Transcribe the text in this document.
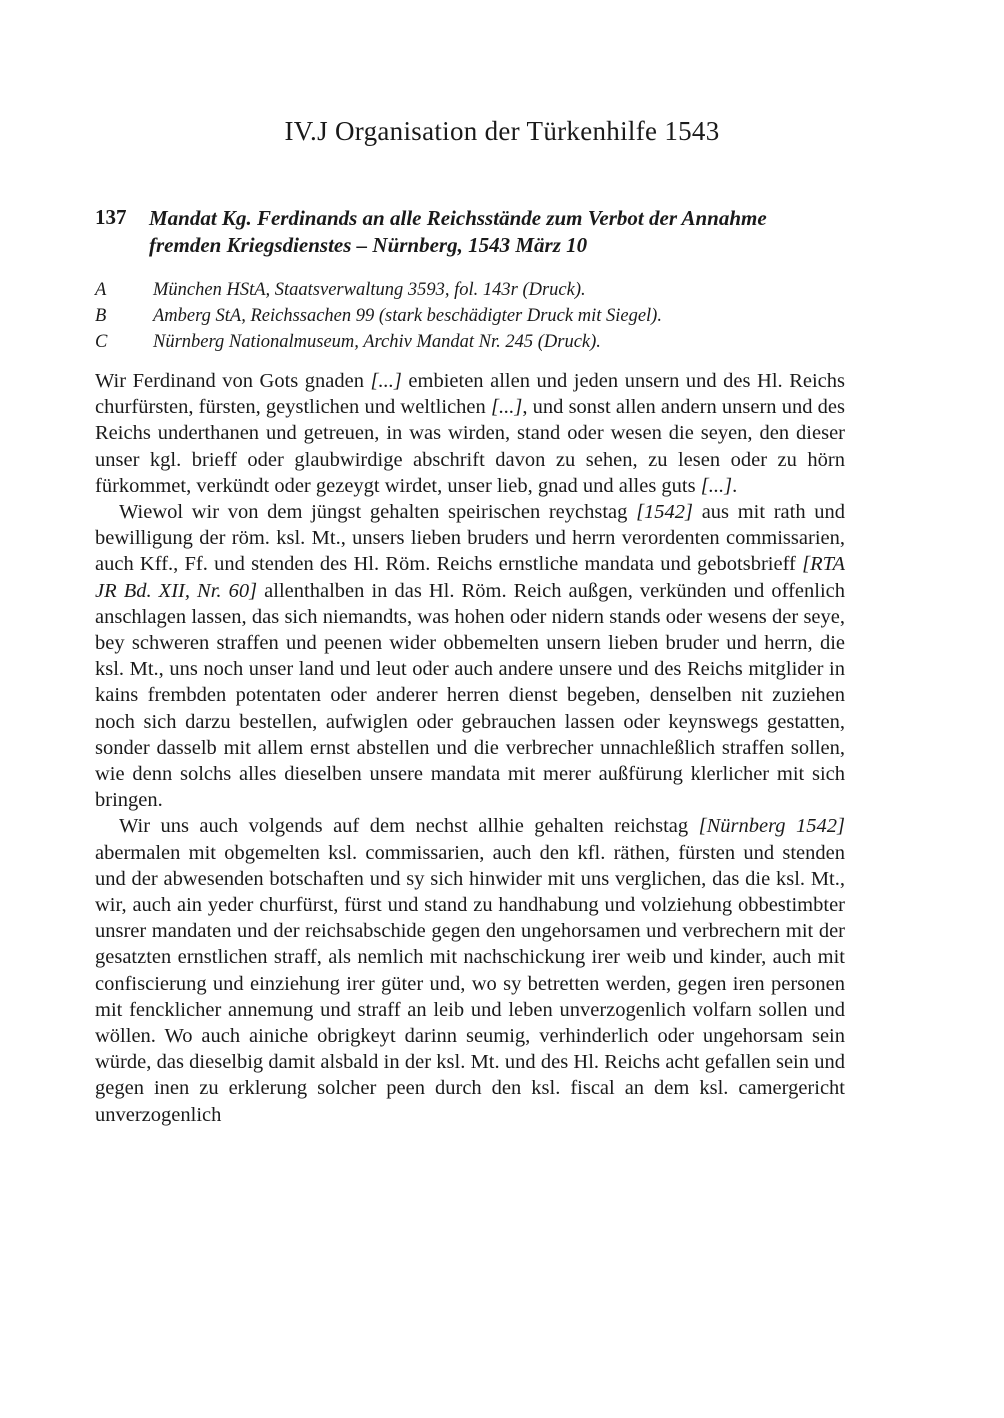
IV.J Organisation der Türkenhilfe 1543
137 Mandat Kg. Ferdinands an alle Reichsstände zum Verbot der Annahme
fremden Kriegsdienstes – Nürnberg, 1543 März 10
A	München HStA, Staatsverwaltung 3593, fol. 143r (Druck).
B	Amberg StA, Reichssachen 99 (stark beschädigter Druck mit Siegel).
C Nürnberg Nationalmuseum, Archiv Mandat Nr. 245 (Druck).

Wir Ferdinand von Gots gnaden [...] embieten allen und jeden unsern und des Hl. Reichs churfürsten, fürsten, geystlichen und weltlichen [...], und sonst allen andern unsern und des Reichs underthanen und getreuen, in was wirden, stand oder wesen die seyen, den dieser unser kgl. brieff oder glaubwirdige abschrift davon zu sehen, zu lesen oder zu hörn fürkommet, verkündt oder gezeygt wirdet, unser lieb, gnad und alles guts [...].

Wiewol wir von dem jüngst gehalten speirischen reychstag [1542] aus mit rath und bewilligung der röm. ksl. Mt., unsers lieben bruders und herrn verordenten commissarien, auch Kff., Ff. und stenden des Hl. Röm. Reichs ernstliche mandata und gebotsbrieff [RTA JR Bd. XII, Nr. 60] allenthalben in das Hl. Röm. Reich außgen, verkünden und offenlich anschlagen lassen, das sich niemandts, was hohen oder nidern stands oder wesens der seye, bey schweren straffen und peenen wider obbemelten unsern lieben bruder und herrn, die ksl. Mt., uns noch unser land und leut oder auch andere unsere und des Reichs mitglider in kains frembden potentaten oder anderer herren dienst begeben, denselben nit zuziehen noch sich darzu bestellen, aufwiglen oder gebrauchen lassen oder keynswegs gestatten, sonder dasselb mit allem ernst abstellen und die verbrecher unnachleßlich straffen sollen, wie denn solchs alles dieselben unsere mandata mit merer außfürung klerlicher mit sich bringen.

Wir uns auch volgends auf dem nechst allhie gehalten reichstag [Nürnberg 1542] abermalen mit obgemelten ksl. commissarien, auch den kfl. räthen, fürsten und stenden und der abwesenden botschaften und sy sich hinwider mit uns verglichen, das die ksl. Mt., wir, auch ain yeder churfürst, fürst und stand zu handhabung und volziehung obbestimbter unsrer mandaten und der reichsabschide gegen den ungehorsamen und verbrechern mit der gesatzten ernstlichen straff, als nemlich mit nachschickung irer weib und kinder, auch mit confiscierung und einziehung irer güter und, wo sy betretten werden, gegen iren personen mit fencklicher annemung und straff an leib und leben unverzogenlich volfarn sollen und wöllen. Wo auch ainiche obrigkeyt darinn seumig, verhinderlich oder ungehorsam sein würde, das dieselbig damit alsbald in der ksl. Mt. und des Hl. Reichs acht gefallen sein und gegen inen zu erklerung solcher peen durch den ksl. fiscal an dem ksl. camergericht unverzogenlich
